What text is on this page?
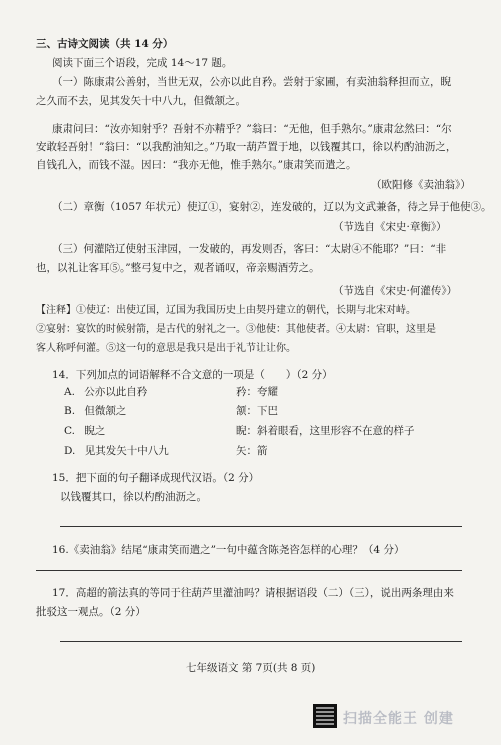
三、古诗文阅读（共 14 分）
阅读下面三个语段，完成 14～17 题。
（一）陈康肃公善射，当世无双，公亦以此自矜。尝射于家圃，有卖油翁释担而立，睨
之久而不去，见其发矢十中八九，但微颔之。
康肃问曰：“汝亦知射乎？吾射不亦精乎？”翁曰：“无他，但手熟尔。”康肃忿然曰：“尔
安敢轻吾射！”翁曰：“以我酌油知之。”乃取一葫芦置于地，以钱覆其口，徐以杓酌油沥之，
自钱孔入，而钱不湿。因曰：“我亦无他，惟手熟尔。”康肃笑而遣之。
（欧阳修《卖油翁》）
（二）章衡（1057 年状元）使辽①，宴射②，连发破的，辽以为文武兼备，待之异于他使③。
（节选自《宋史·章衡》）
（三）何灌陪辽使射玉津园，一发破的，再发则否，客曰：“太尉④不能耶？”曰：“非
也，以礼让客耳⑤。”整弓复中之，观者诵叹，帝亲赐酒劳之。
（节选自《宋史·何灌传》）
【注释】①使辽：出使辽国，辽国为我国历史上由契丹建立的朝代，长期与北宋对峙。
②宴射：宴饮的时候射箭，是古代的射礼之一。③他使：其他使者。④太尉：官职，这里是
客人称呼何灌。⑤这一句的意思是我只是出于礼节让让你。
14．下列加点的词语解释不合文意的一项是（　　）（2 分）
A. 公亦以此自矜	矜：夸耀
B. 但微颔之	颔：下巴
C. 睨之	睨：斜着眼看，这里形容不在意的样子
D. 见其发矢十中八九	矢：箭
15．把下面的句子翻译成现代汉语。（2 分）
以钱覆其口，徐以杓酌油沥之。
16.《卖油翁》结尾“康肃笑而遣之”一句中蕴含陈尧咨怎样的心理？（4 分）
17．高超的箭法真的等同于往葫芦里灌油吗？请根据语段（二）（三），说出两条理由来
批驳这一观点。（2 分）
七年级语文 第 7页(共 8 页)
扫描全能王 创建
